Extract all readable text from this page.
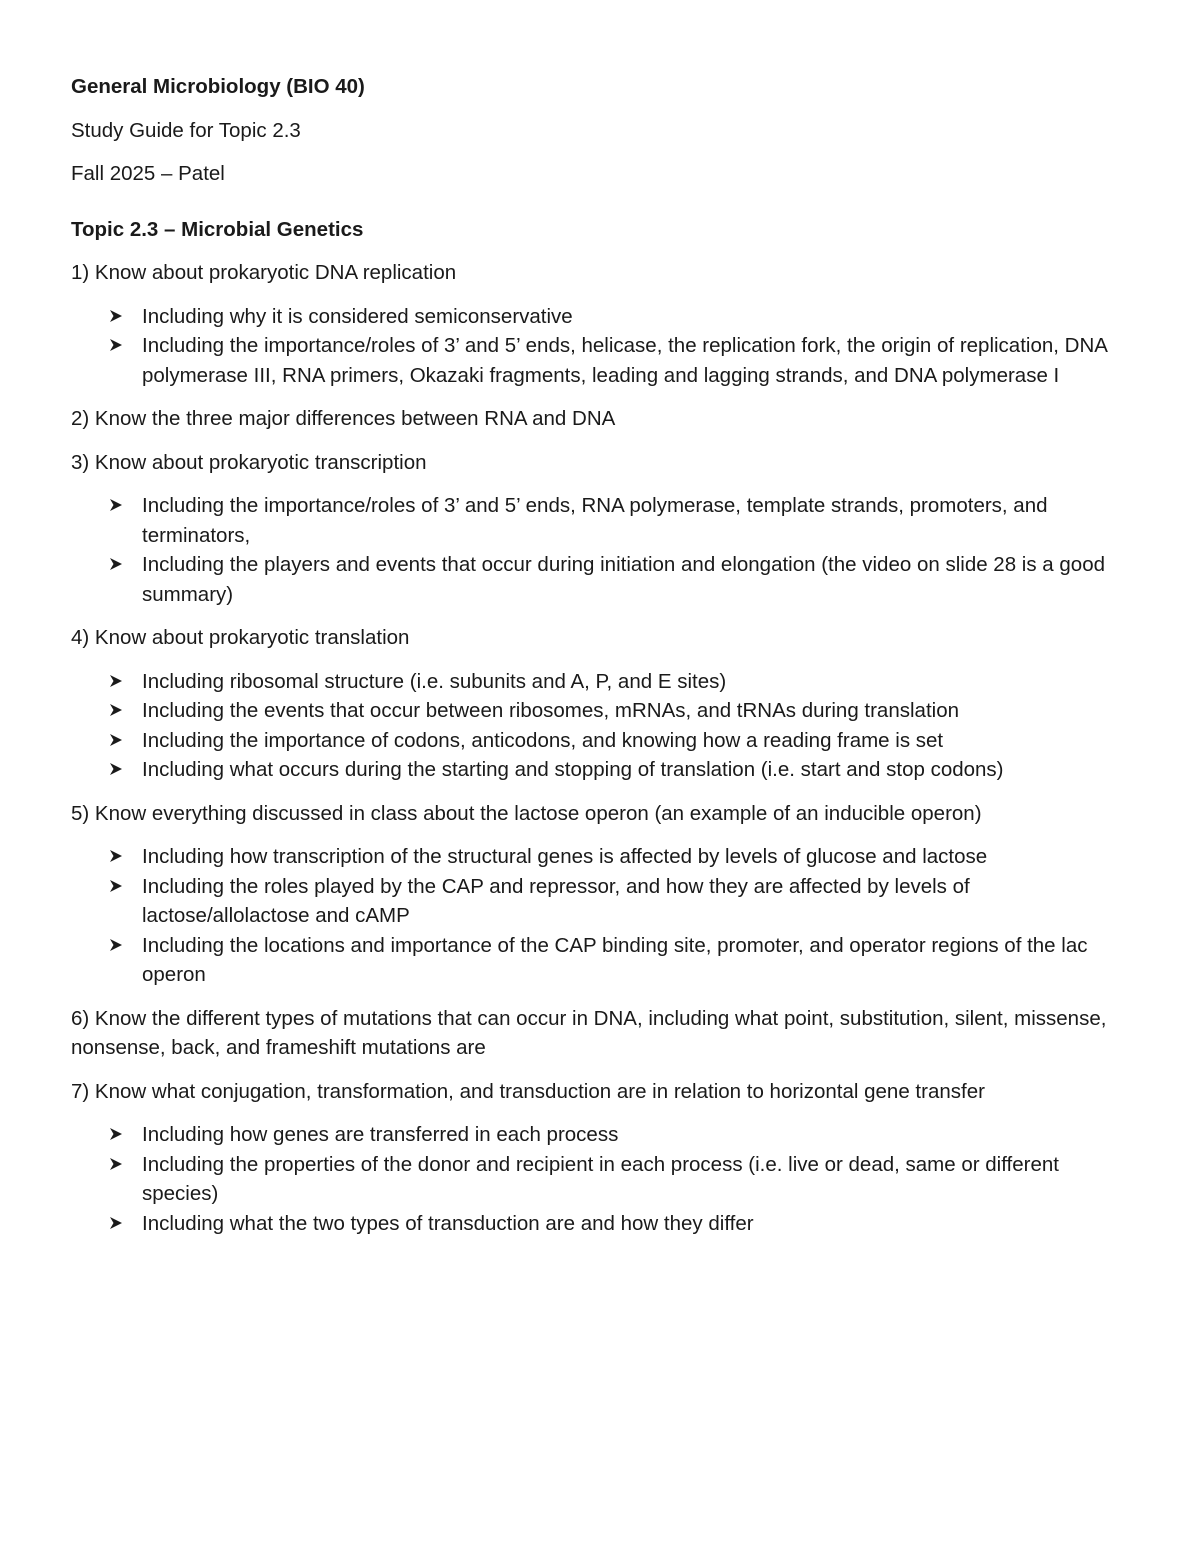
General Microbiology (BIO 40)

Study Guide for Topic 2.3

Fall 2025 – Patel

Topic 2.3 – Microbial Genetics

1) Know about prokaryotic DNA replication

Including why it is considered semiconservative
Including the importance/roles of 3’ and 5’ ends, helicase, the replication fork, the origin of replication, DNA polymerase III, RNA primers, Okazaki fragments, leading and lagging strands, and DNA polymerase I

2) Know the three major differences between RNA and DNA

3) Know about prokaryotic transcription

Including the importance/roles of 3’ and 5’ ends, RNA polymerase, template strands, promoters, and terminators,
Including the players and events that occur during initiation and elongation (the video on slide 28 is a good summary)

4) Know about prokaryotic translation

Including ribosomal structure (i.e. subunits and A, P, and E sites)
Including the events that occur between ribosomes, mRNAs, and tRNAs during translation
Including the importance of codons, anticodons, and knowing how a reading frame is set
Including what occurs during the starting and stopping of translation (i.e. start and stop codons)

5) Know everything discussed in class about the lactose operon (an example of an inducible operon)

Including how transcription of the structural genes is affected by levels of glucose and lactose
Including the roles played by the CAP and repressor, and how they are affected by levels of lactose/allolactose and cAMP
Including the locations and importance of the CAP binding site, promoter, and operator regions of the lac operon

6) Know the different types of mutations that can occur in DNA, including what point, substitution, silent, missense, nonsense, back, and frameshift mutations are

7) Know what conjugation, transformation, and transduction are in relation to horizontal gene transfer

Including how genes are transferred in each process
Including the properties of the donor and recipient in each process (i.e. live or dead, same or different species)
Including what the two types of transduction are and how they differ
